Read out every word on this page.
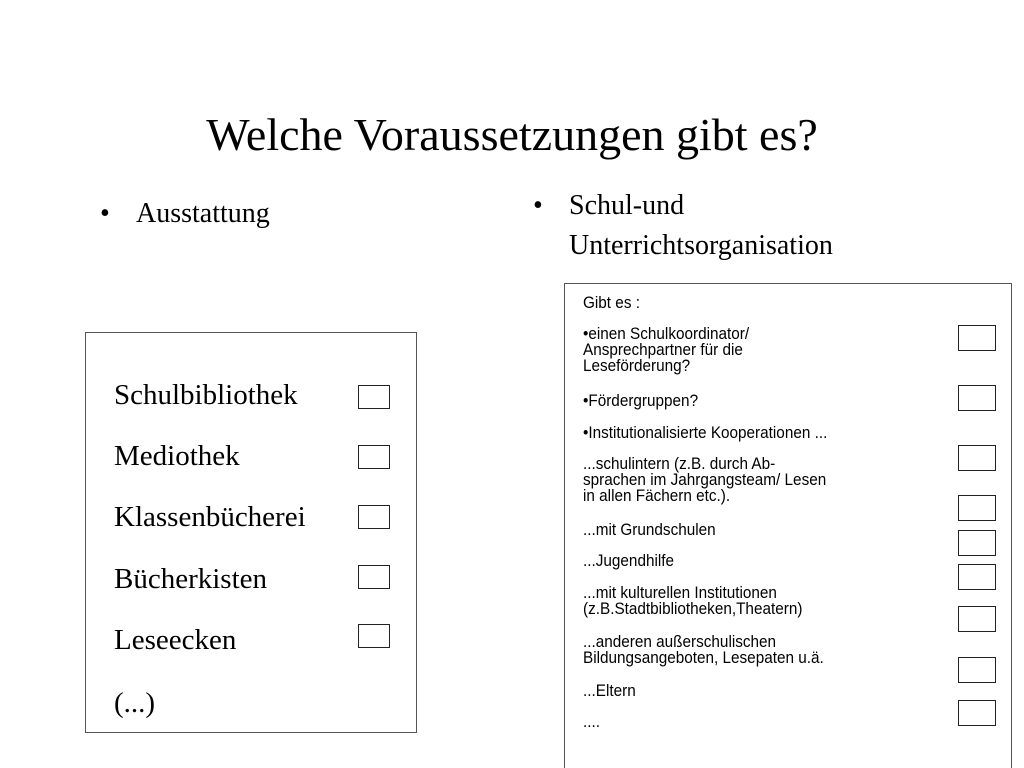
Welche Voraussetzungen gibt es?
• Ausstattung	• Schul-und
Unterrichtsorganisation
Schulbibliothek
Mediothek
Klassenbücherei
Bücherkisten
Leseecken
(...)
Gibt es :
•einen Schulkoordinator/
Ansprechpartner für die
Leseförderung?
•Fördergruppen?
•Institutionalisierte Kooperationen ...
...schulintern (z.B. durch Ab-
sprachen im Jahrgangsteam/ Lesen
in allen Fächern etc.).
...mit Grundschulen
...Jugendhilfe
...mit kulturellen Institutionen
(z.B.Stadtbibliotheken,Theatern)
...anderen außerschulischen
Bildungsangeboten, Lesepaten u.ä.
...Eltern
....
